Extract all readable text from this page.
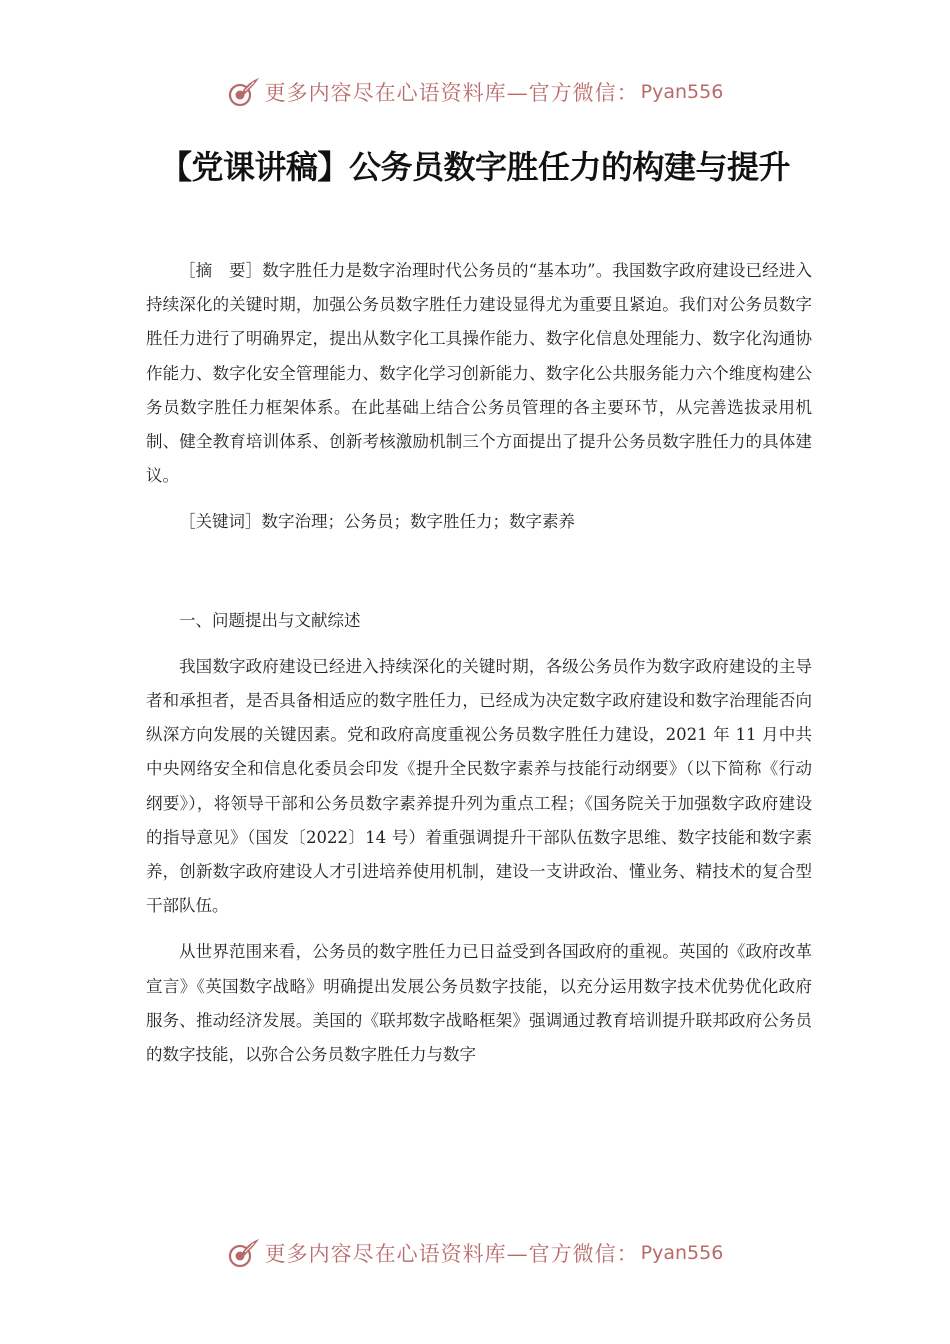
更多内容尽在心语资料库—官方微信： Pyan556
【党课讲稿】公务员数字胜任力的构建与提升

［摘　要］数字胜任力是数字治理时代公务员的“基本功”。我国数字政府建设已经进入持续深化的关键时期，加强公务员数字胜任力建设显得尤为重要且紧迫。我们对公务员数字胜任力进行了明确界定，提出从数字化工具操作能力、数字化信息处理能力、数字化沟通协作能力、数字化安全管理能力、数字化学习创新能力、数字化公共服务能力六个维度构建公务员数字胜任力框架体系。在此基础上结合公务员管理的各主要环节，从完善选拔录用机制、健全教育培训体系、创新考核激励机制三个方面提出了提升公务员数字胜任力的具体建议。

［关键词］数字治理；公务员；数字胜任力；数字素养

一、问题提出与文献综述

我国数字政府建设已经进入持续深化的关键时期，各级公务员作为数字政府建设的主导者和承担者，是否具备相适应的数字胜任力，已经成为决定数字政府建设和数字治理能否向纵深方向发展的关键因素。党和政府高度重视公务员数字胜任力建设，2021 年 11 月中共中央网络安全和信息化委员会印发《提升全民数字素养与技能行动纲要》（以下简称《行动纲要》），将领导干部和公务员数字素养提升列为重点工程；《国务院关于加强数字政府建设的指导意见》（国发〔2022〕14 号）着重强调提升干部队伍数字思维、数字技能和数字素养，创新数字政府建设人才引进培养使用机制，建设一支讲政治、懂业务、精技术的复合型干部队伍。

从世界范围来看，公务员的数字胜任力已日益受到各国政府的重视。英国的《政府改革宣言》《英国数字战略》明确提出发展公务员数字技能，以充分运用数字技术优势优化政府服务、推动经济发展。美国的《联邦数字战略框架》强调通过教育培训提升联邦政府公务员的数字技能，以弥合公务员数字胜任力与数字

更多内容尽在心语资料库—官方微信： Pyan556
